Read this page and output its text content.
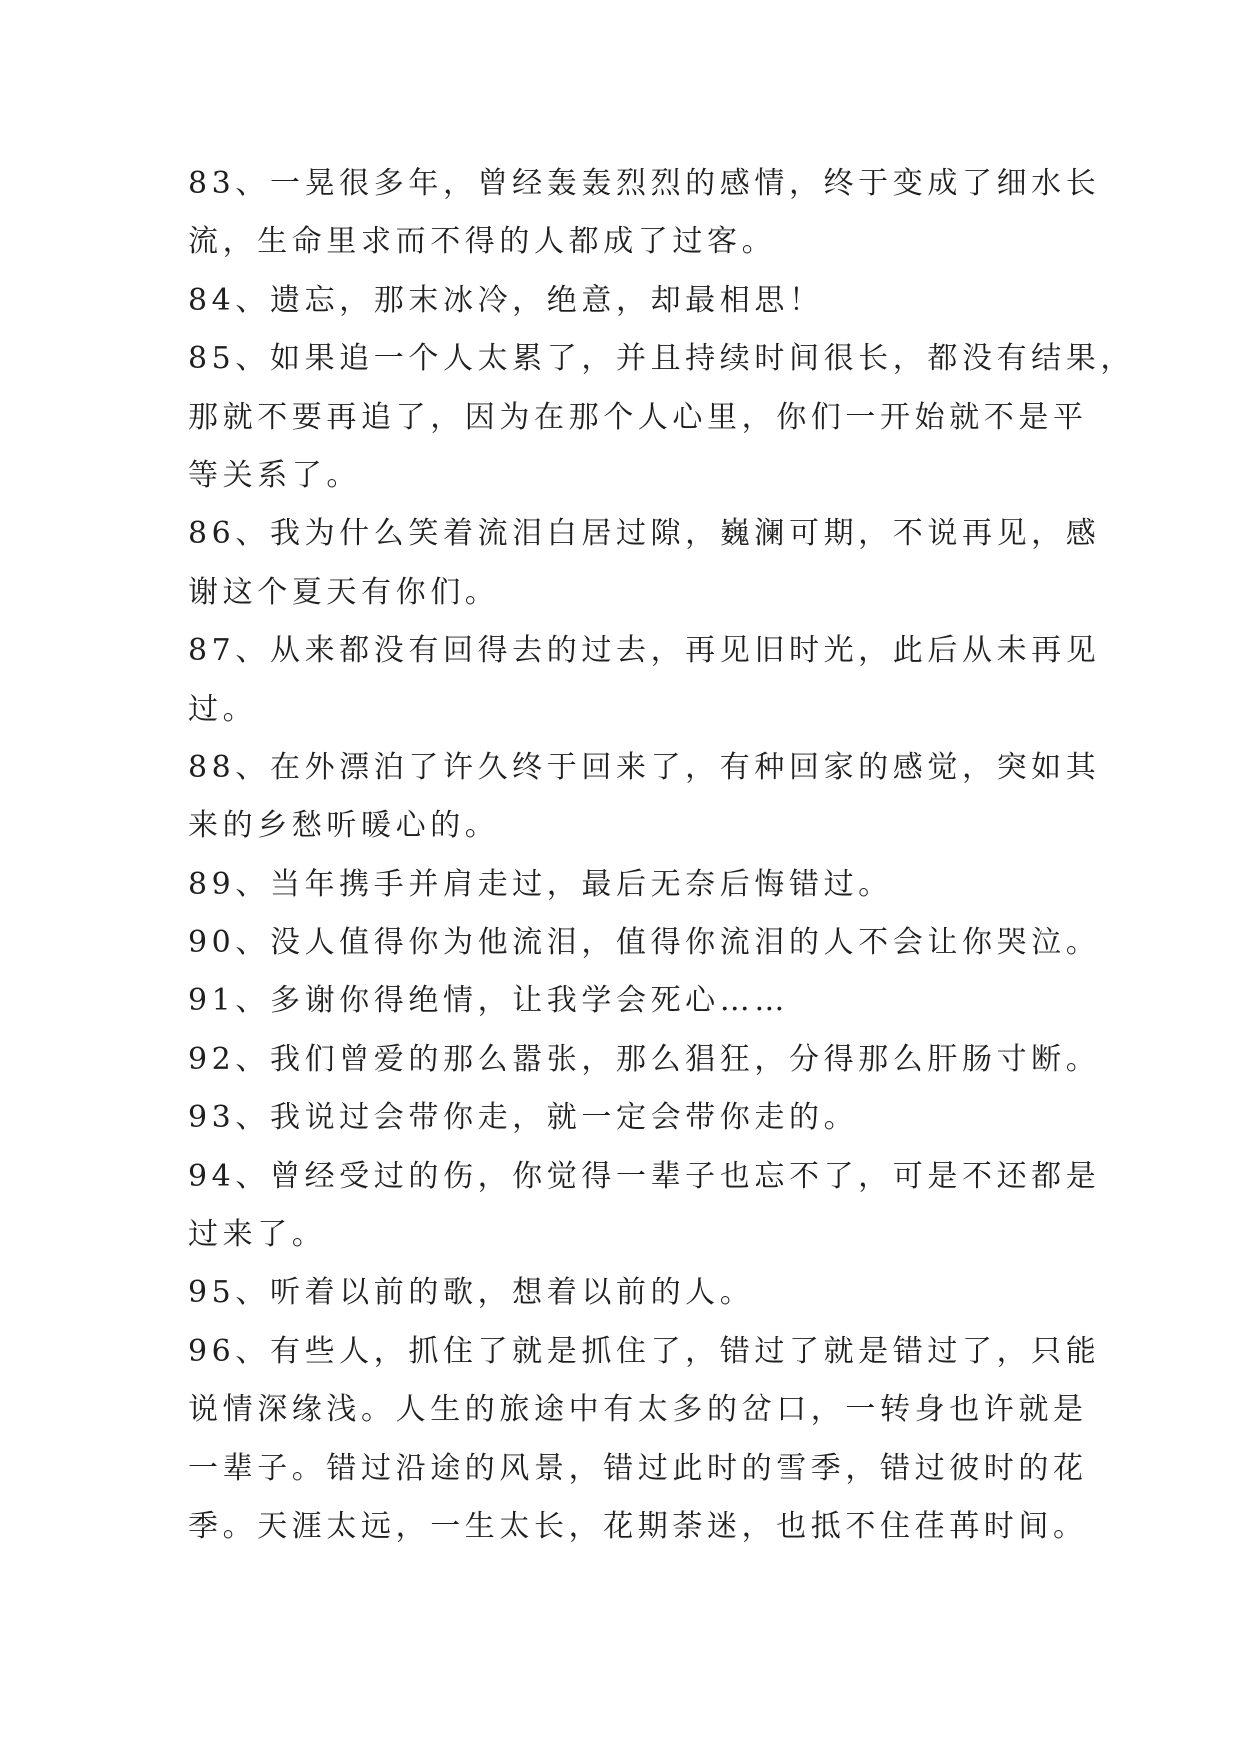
83、一晃很多年，曾经轰轰烈烈的感情，终于变成了细水长
流，生命里求而不得的人都成了过客。
84、遗忘，那末冰冷，绝意，却最相思！
85、如果追一个人太累了，并且持续时间很长，都没有结果，
那就不要再追了，因为在那个人心里，你们一开始就不是平
等关系了。
86、我为什么笑着流泪白居过隙，巍澜可期，不说再见，感
谢这个夏天有你们。
87、从来都没有回得去的过去，再见旧时光，此后从未再见
过。
88、在外漂泊了许久终于回来了，有种回家的感觉，突如其
来的乡愁听暖心的。
89、当年携手并肩走过，最后无奈后悔错过。
90、没人值得你为他流泪，值得你流泪的人不会让你哭泣。
91、多谢你得绝情，让我学会死心……
92、我们曾爱的那么嚣张，那么猖狂，分得那么肝肠寸断。
93、我说过会带你走，就一定会带你走的。
94、曾经受过的伤，你觉得一辈子也忘不了，可是不还都是
过来了。
95、听着以前的歌，想着以前的人。
96、有些人，抓住了就是抓住了，错过了就是错过了，只能
说情深缘浅。人生的旅途中有太多的岔口，一转身也许就是
一辈子。错过沿途的风景，错过此时的雪季，错过彼时的花
季。天涯太远，一生太长，花期荼迷，也抵不住荏苒时间。
